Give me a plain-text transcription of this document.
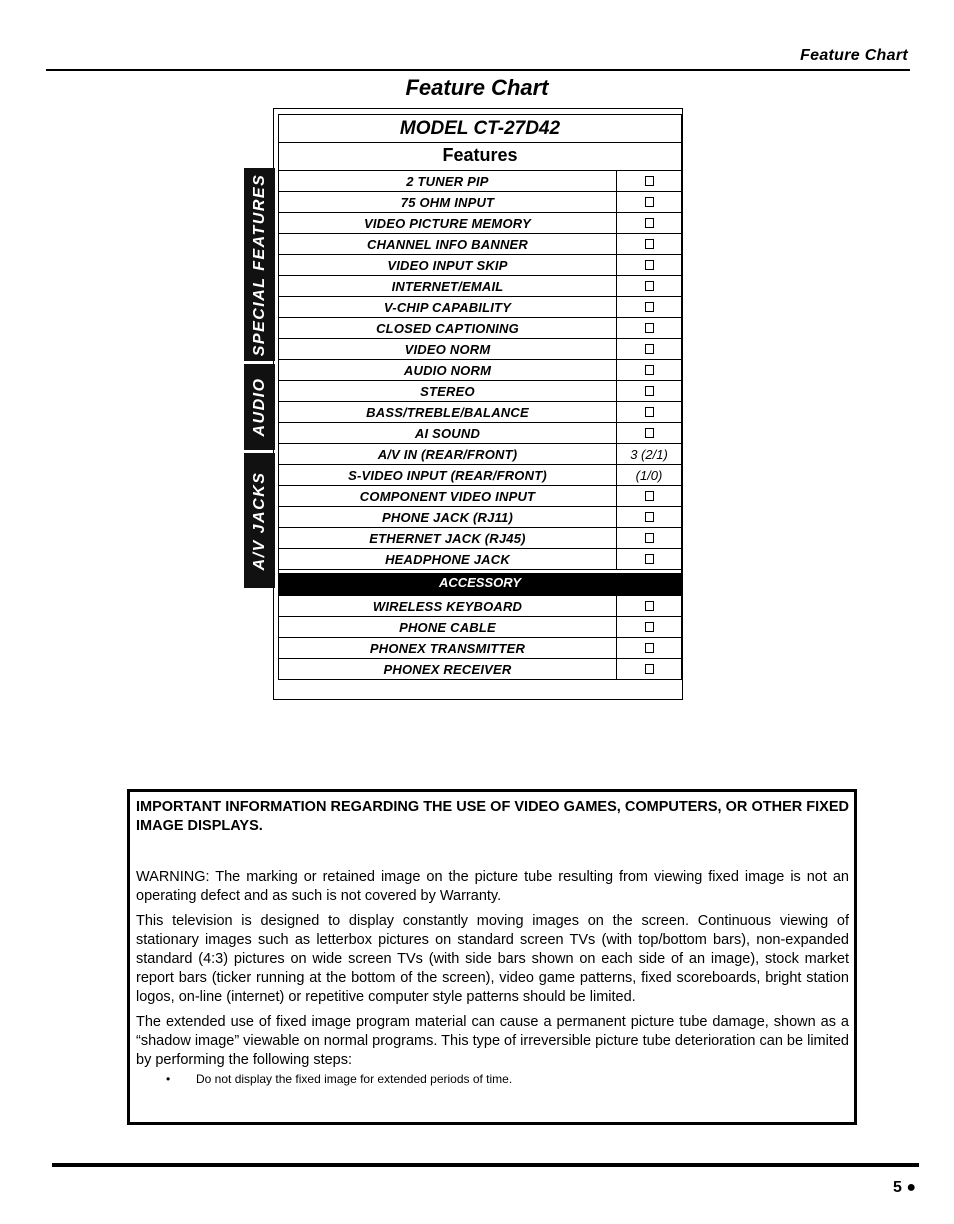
Feature Chart
Feature Chart
SPECIAL FEATURES
AUDIO
A/V JACKS
MODEL CT-27D42
Features
2 TUNER PIP
75 OHM INPUT
VIDEO PICTURE MEMORY
CHANNEL INFO BANNER
VIDEO INPUT SKIP
INTERNET/EMAIL
V-CHIP CAPABILITY
CLOSED CAPTIONING
VIDEO NORM
AUDIO NORM
STEREO
BASS/TREBLE/BALANCE
AI SOUND
A/V IN (REAR/FRONT)	3 (2/1)
S-VIDEO INPUT (REAR/FRONT)	(1/0)
COMPONENT VIDEO INPUT
PHONE JACK (RJ11)
ETHERNET JACK (RJ45)
HEADPHONE JACK
ACCESSORY
WIRELESS KEYBOARD
PHONE CABLE
PHONEX TRANSMITTER
PHONEX RECEIVER
IMPORTANT INFORMATION REGARDING THE USE OF VIDEO GAMES, COMPUTERS, OR OTHER FIXED IMAGE DISPLAYS.

WARNING: The marking or retained image on the picture tube resulting from viewing fixed image is not an operating defect and as such is not covered by Warranty.

This television is designed to display constantly moving images on the screen. Continuous viewing of stationary images such as letterbox pictures on standard screen TVs (with top/bottom bars), non-expanded standard (4:3) pictures on wide screen TVs (with side bars shown on each side of an image), stock market report bars (ticker running at the bottom of the screen), video game patterns, fixed scoreboards, bright station logos, on-line (internet) or repetitive computer style patterns should be limited.

The extended use of fixed image program material can cause a permanent picture tube damage, shown as a “shadow image” viewable on normal programs. This type of irreversible picture tube deterioration can be limited by performing the following steps:

• Do not display the fixed image for extended periods of time.
5 ●
